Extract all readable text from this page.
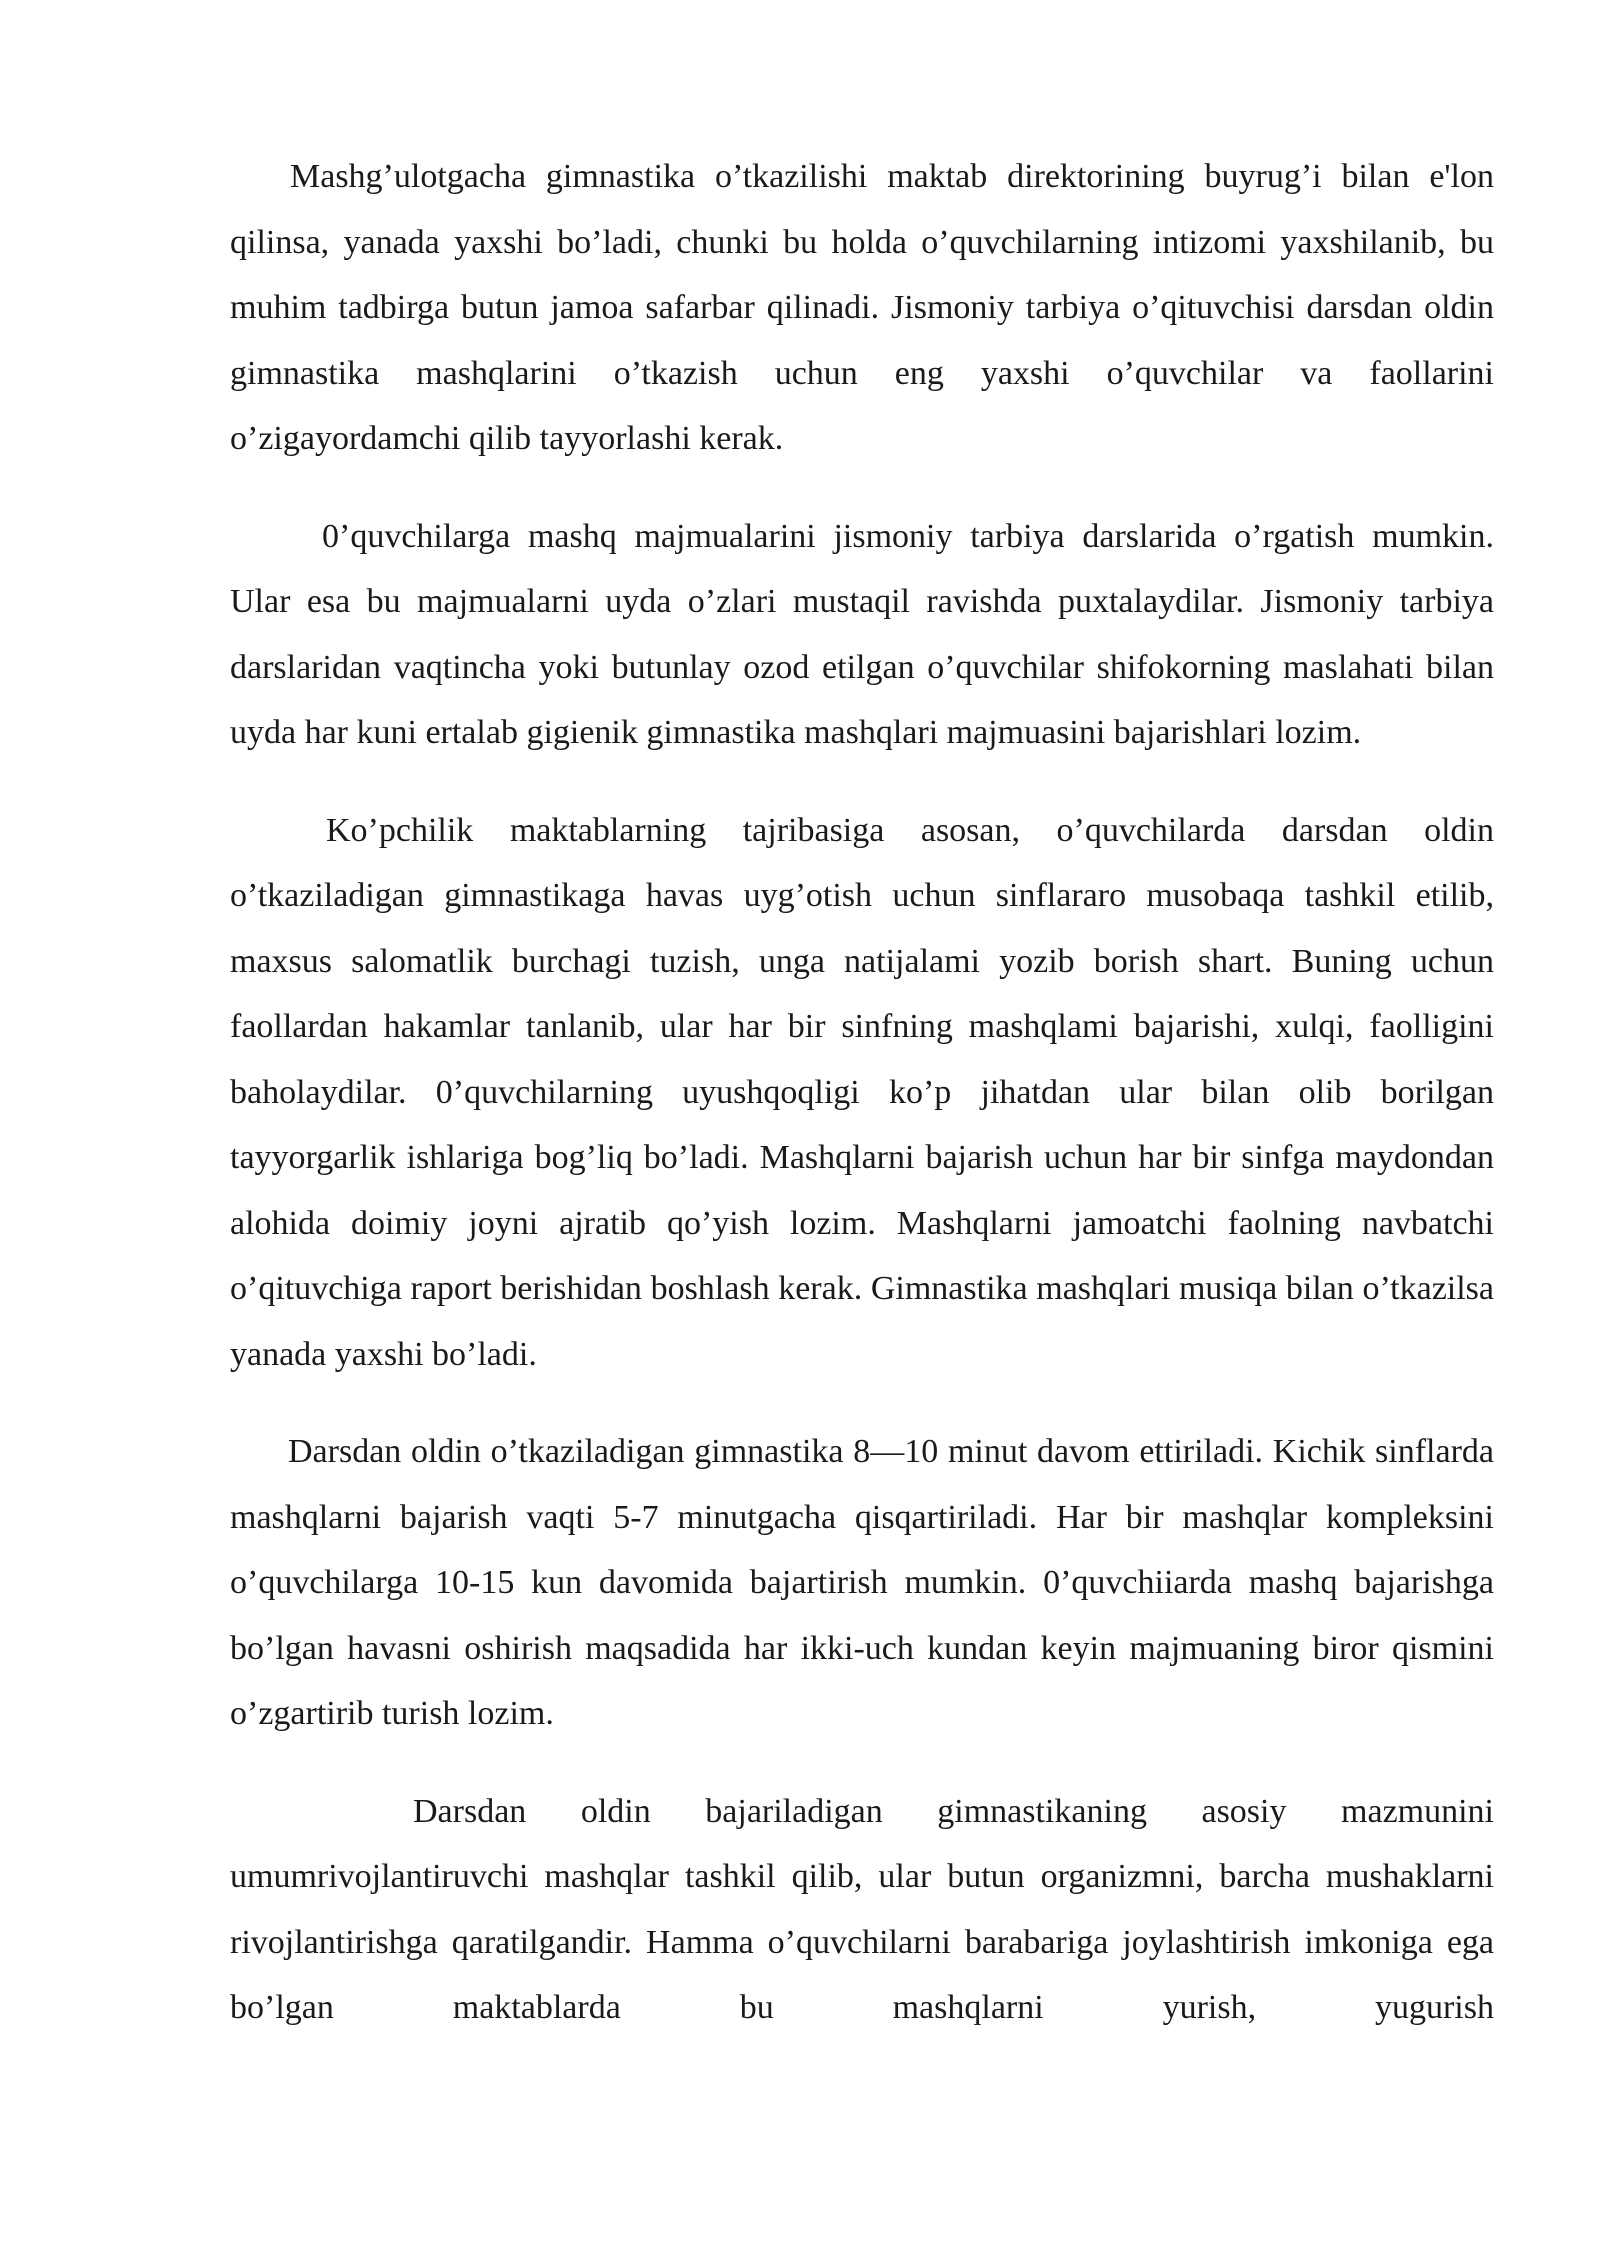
Mashg’ulotgacha gimnastika o’tkazilishi maktab direktorining buyrug’i bilan e'lon qilinsa, yanada yaxshi bo’ladi, chunki bu holda o’quvchilarning intizomi yaxshilanib, bu muhim tadbirga butun jamoa safarbar qilinadi. Jismoniy tarbiya o’qituvchisi darsdan oldin gimnastika mashqlarini o’tkazish uchun eng yaxshi o’quvchilar va faollarini o’zigayordamchi qilib tayyorlashi kerak.

0’quvchilarga mashq majmualarini jismoniy tarbiya darslarida o’rgatish mumkin. Ular esa bu majmualarni uyda o’zlari mustaqil ravishda puxtalaydilar. Jismoniy tarbiya darslaridan vaqtincha yoki butunlay ozod etilgan o’quvchilar shifokorning maslahati bilan uyda har kuni ertalab gigienik gimnastika mashqlari majmuasini bajarishlari lozim.

Ko’pchilik maktablarning tajribasiga asosan, o’quvchilarda darsdan oldin o’tkaziladigan gimnastikaga havas uyg’otish uchun sinflararo musobaqa tashkil etilib, maxsus salomatlik burchagi tuzish, unga natijalami yozib borish shart. Buning uchun faollardan hakamlar tanlanib, ular har bir sinfning mashqlami bajarishi, xulqi, faolligini baholaydilar. 0’quvchilarning uyushqoqligi ko’p jihatdan ular bilan olib borilgan tayyorgarlik ishlariga bog’liq bo’ladi. Mashqlarni bajarish uchun har bir sinfga maydondan alohida doimiy joyni ajratib qo’yish lozim. Mashqlarni jamoatchi faolning navbatchi o’qituvchiga raport berishidan boshlash kerak. Gimnastika mashqlari musiqa bilan o’tkazilsa yanada yaxshi bo’ladi.

Darsdan oldin o’tkaziladigan gimnastika 8—10 minut davom ettiriladi. Kichik sinflarda mashqlarni bajarish vaqti 5-7 minutgacha qisqartiriladi. Har bir mashqlar kompleksini o’quvchilarga 10-15 kun davomida bajartirish mumkin. 0’quvchiiarda mashq bajarishga bo’lgan havasni oshirish maqsadida har ikki-uch kundan keyin majmuaning biror qismini o’zgartirib turish lozim.

Darsdan oldin bajariladigan gimnastikaning asosiy mazmunini umumrivojlantiruvchi mashqlar tashkil qilib, ular butun organizmni, barcha mushaklarni rivojlantirishga qaratilgandir. Hamma o’quvchilarni barabariga joylashtirish imkoniga ega bo’lgan maktablarda bu mashqlarni yurish, yugurish
